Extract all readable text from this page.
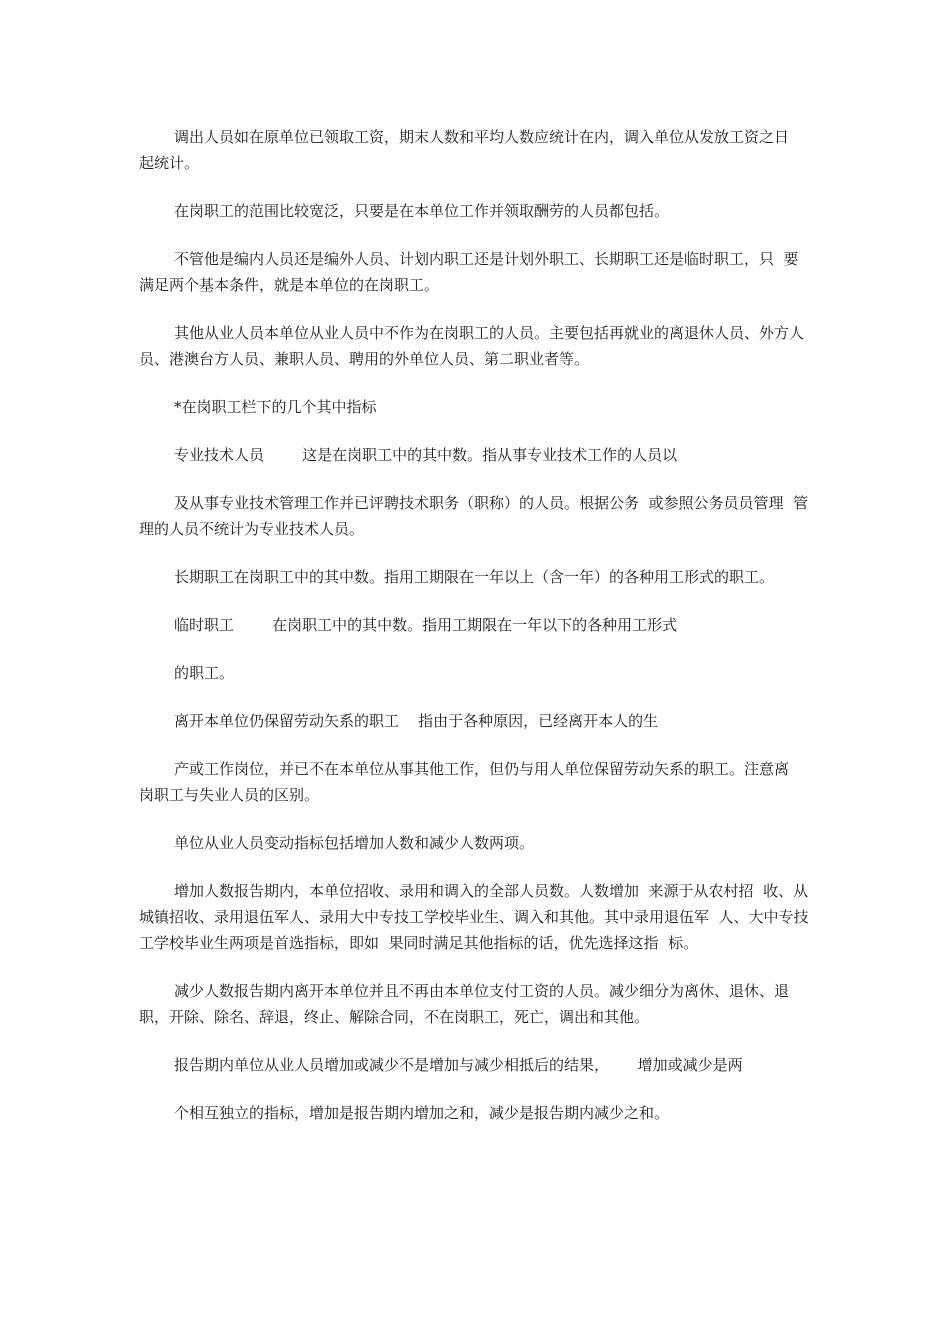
调出人员如在原单位已领取工资，期末人数和平均人数应统计在内，调入单位从发放工资之日  起统计。

在岗职工的范围比较宽泛，只要是在本单位工作并领取酬劳的人员都包括。

不管他是编内人员还是编外人员、计划内职工还是计划外职工、长期职工还是临时职工，只  要满足两个基本条件，就是本单位的在岗职工。

其他从业人员本单位从业人员中不作为在岗职工的人员。主要包括再就业的离退休人员、外方人员、港澳台方人员、兼职人员、聘用的外单位人员、第二职业者等。

*在岗职工栏下的几个其中指标

专业技术人员        这是在岗职工中的其中数。指从事专业技术工作的人员以

及从事专业技术管理工作并已评聘技术职务（职称）的人员。根据公务  或参照公务员员管理  管理的人员不统计为专业技术人员。

长期职工在岗职工中的其中数。指用工期限在一年以上（含一年）的各种用工形式的职工。

临时职工        在岗职工中的其中数。指用工期限在一年以下的各种用工形式

的职工。

离开本单位仍保留劳动矢系的职工    指由于各种原因，已经离开本人的生

产或工作岗位，并已不在本单位从事其他工作，但仍与用人单位保留劳动矢系的职工。注意离  岗职工与失业人员的区别。

单位从业人员变动指标包括增加人数和减少人数两项。

增加人数报告期内，本单位招收、录用和调入的全部人员数。人数增加  来源于从农村招  收、从城镇招收、录用退伍军人、录用大中专技工学校毕业生、调入和其他。其中录用退伍军  人、大中专技工学校毕业生两项是首选指标，即如  果同时满足其他指标的话，优先选择这指  标。

减少人数报告期内离开本单位并且不再由本单位支付工资的人员。减少细分为离休、退休、退职，开除、除名、辞退，终止、解除合同，不在岗职工，死亡，调出和其他。

报告期内单位从业人员增加或减少不是增加与减少相抵后的结果，      增加或减少是两

个相互独立的指标，增加是报告期内增加之和，减少是报告期内减少之和。
